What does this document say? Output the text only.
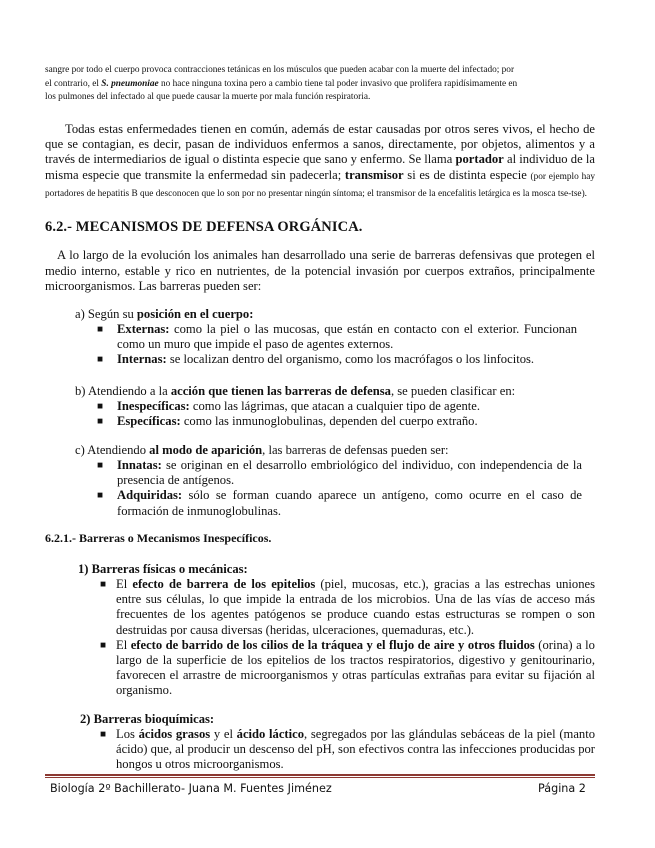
sangre por todo el cuerpo provoca contracciones tetánicas en los músculos que pueden acabar con la muerte del infectado; por
el contrario, el S. pneumoniae no hace ninguna toxina pero a cambio tiene tal poder invasivo que prolifera rapidísimamente en
los pulmones del infectado al que puede causar la muerte por mala función respiratoria.
Todas estas enfermedades tienen en común, además de estar causadas por otros seres vivos, el hecho de que se contagian, es decir, pasan de individuos enfermos a sanos, directamente, por objetos, alimentos y a través de intermediarios de igual o distinta especie que sano y enfermo. Se llama portador al individuo de la misma especie que transmite la enfermedad sin padecerla; transmisor si es de distinta especie (por ejemplo hay portadores de hepatitis B que desconocen que lo son por no presentar ningún síntoma; el transmisor de la encefalitis letárgica es la mosca tse-tse).
6.2.- MECANISMOS DE DEFENSA ORGÁNICA.
A lo largo de la evolución los animales han desarrollado una serie de barreras defensivas que protegen el medio interno, estable y rico en nutrientes, de la potencial invasión por cuerpos extraños, principalmente microorganismos. Las barreras pueden ser:
a) Según su posición en el cuerpo:
■ Externas: como la piel o las mucosas, que están en contacto con el exterior. Funcionan como un muro que impide el paso de agentes externos.
■ Internas: se localizan dentro del organismo, como los macrófagos o los linfocitos.
b) Atendiendo a la acción que tienen las barreras de defensa, se pueden clasificar en:
■ Inespecíficas: como las lágrimas, que atacan a cualquier tipo de agente.
■ Específicas: como las inmunoglobulinas, dependen del cuerpo extraño.
c) Atendiendo al modo de aparición, las barreras de defensas pueden ser:
■ Innatas: se originan en el desarrollo embriológico del individuo, con independencia de la presencia de antígenos.
■ Adquiridas: sólo se forman cuando aparece un antígeno, como ocurre en el caso de formación de inmunoglobulinas.
6.2.1.- Barreras o Mecanismos Inespecíficos.
1) Barreras físicas o mecánicas:
■ El efecto de barrera de los epitelios (piel, mucosas, etc.), gracias a las estrechas uniones entre sus células, lo que impide la entrada de los microbios. Una de las vías de acceso más frecuentes de los agentes patógenos se produce cuando estas estructuras se rompen o son destruidas por causa diversas (heridas, ulceraciones, quemaduras, etc.).
■ El efecto de barrido de los cilios de la tráquea y el flujo de aire y otros fluidos (orina) a lo largo de la superficie de los epitelios de los tractos respiratorios, digestivo y genitourinario, favorecen el arrastre de microorganismos y otras partículas extrañas para evitar su fijación al organismo.
2) Barreras bioquímicas:
■ Los ácidos grasos y el ácido láctico, segregados por las glándulas sebáceas de la piel (manto ácido) que, al producir un descenso del pH, son efectivos contra las infecciones producidas por hongos u otros microorganismos.
Biología 2º Bachillerato- Juana M. Fuentes Jiménez	Página 2
